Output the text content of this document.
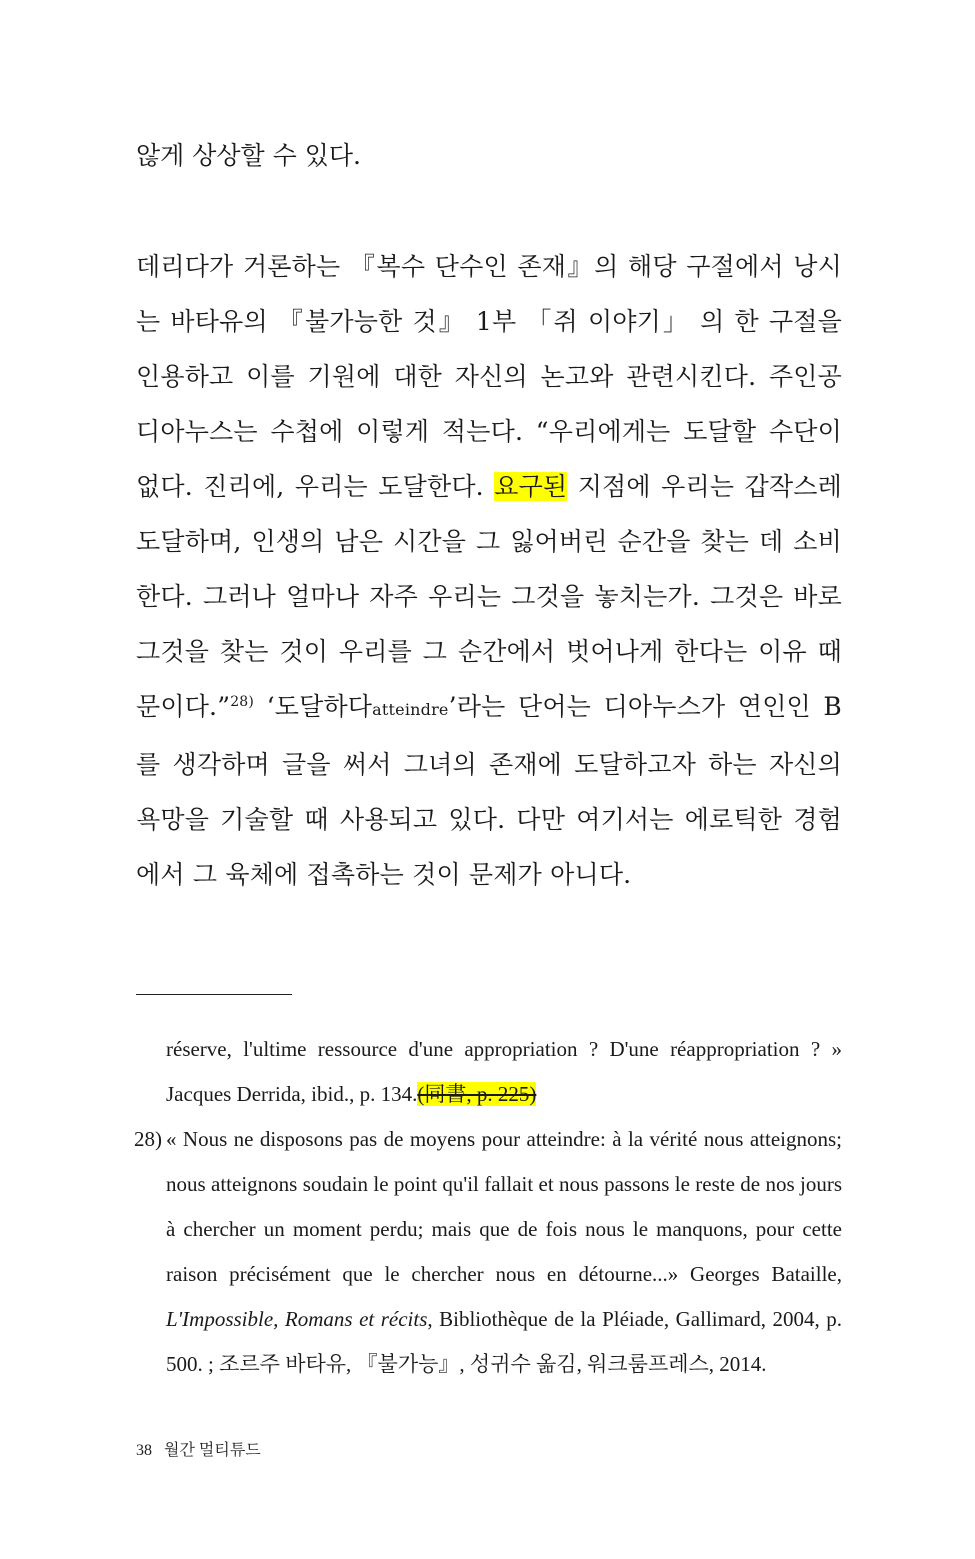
않게 상상할 수 있다.

데리다가 거론하는 『복수 단수인 존재』의 해당 구절에서 낭시는 바타유의 『불가능한 것』 1부 「쥐 이야기」 의 한 구절을 인용하고 이를 기원에 대한 자신의 논고와 관련시킨다. 주인공 디아누스는 수첩에 이렇게 적는다. “우리에게는 도달할 수단이 없다. 진리에, 우리는 도달한다. 요구된 지점에 우리는 갑작스레 도달하며, 인생의 남은 시간을 그 잃어버린 순간을 찾는 데 소비한다. 그러나 얼마나 자주 우리는 그것을 놓치는가. 그것은 바로 그것을 찾는 것이 우리를 그 순간에서 벗어나게 한다는 이유 때문이다.”$^{28)}$ ‘도달하다atteindre’라는 단어는 디아누스가 연인인 B를 생각하며 글을 써서 그녀의 존재에 도달하고자 하는 자신의 욕망을 기술할 때 사용되고 있다. 다만 여기서는 에로틱한 경험에서 그 육체에 접촉하는 것이 문제가 아니다.

réserve, l'ultime ressource d'une appropriation ? D'une réappropriation ? » Jacques Derrida, ibid., p. 134.(同書, p. 225)

28) « Nous ne disposons pas de moyens pour atteindre: à la vérité nous atteignons; nous atteignons soudain le point qu'il fallait et nous passons le reste de nos jours à chercher un moment perdu; mais que de fois nous le manquons, pour cette raison précisément que le chercher nous en détourne...» Georges Bataille, L'Impossible, Romans et récits, Bibliothèque de la Pléiade, Gallimard, 2004, p. 500. ; 조르주 바타유, 『불가능』, 성귀수 옮김, 워크룸프레스, 2014.

38 월간 멀티튜드
